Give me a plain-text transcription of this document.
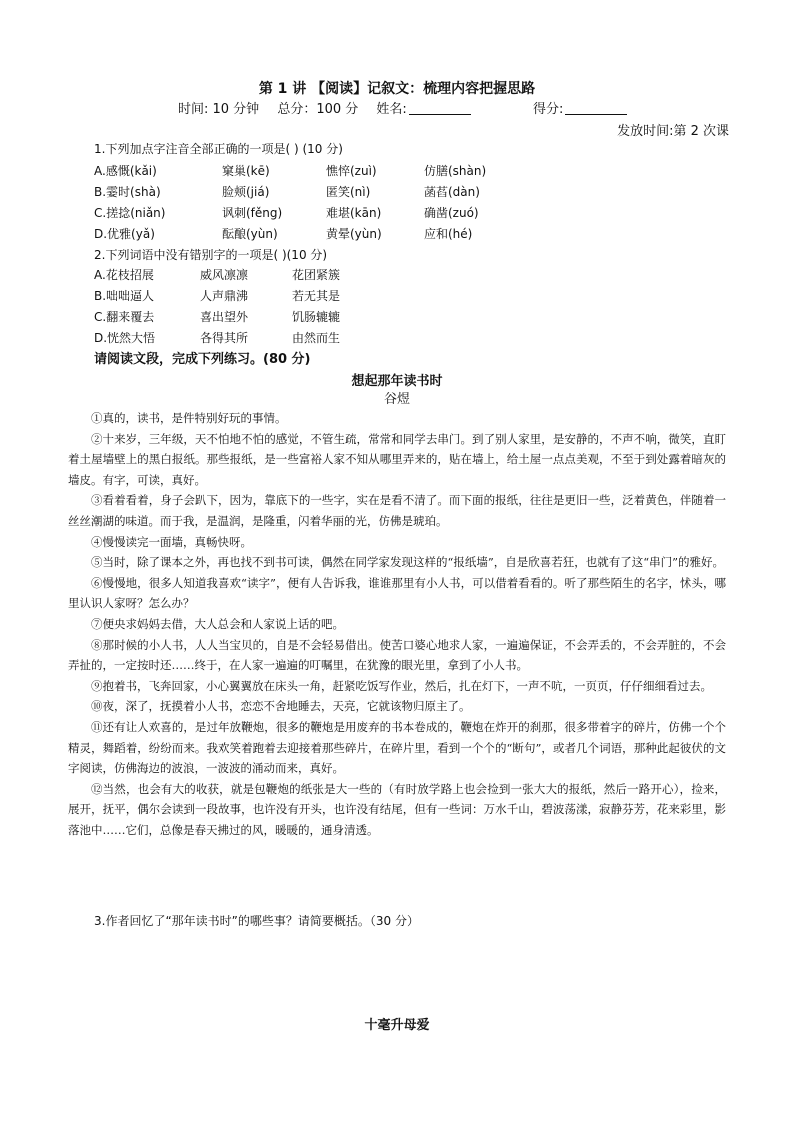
第 1 讲 【阅读】记叙文：梳理内容把握思路
时间: 10 分钟 总分：100 分 姓名:	得分:
发放时间:第 2 次课
1.下列加点字注音全部正确的一项是( ) (10 分)
A.感慨(kǎi)	窠巢(kē)	憔悴(zuì)	仿膳(shàn)
B.霎时(shà)	脸颊(jiá)	匿笑(nì)	菡萏(dàn)
C.搓捻(niǎn)	讽刺(fěng)	难堪(kān)	确凿(zuó)
D.优雅(yǎ)	酝酿(yùn)	黄晕(yùn)	应和(hé)
2.下列词语中没有错别字的一项是( )(10 分)
A.花枝招展	威风凛凛	花团紧簇
B.咄咄逼人	人声鼎沸	若无其是
C.翻来覆去	喜出望外	饥肠辘辘
D.恍然大悟	各得其所	由然而生
请阅读文段，完成下列练习。(80 分)
想起那年读书时
谷煜

①真的，读书，是件特别好玩的事情。

②十来岁，三年级，天不怕地不怕的感觉，不管生疏，常常和同学去串门。到了别人家里，是安静的，不声不响，微笑，直盯着土屋墙壁上的黑白报纸。那些报纸，是一些富裕人家不知从哪里弄来的，贴在墙上，给土屋一点点美观，不至于到处露着暗灰的墙皮。有字，可读，真好。

③看着看着，身子会趴下，因为，靠底下的一些字，实在是看不清了。而下面的报纸，往往是更旧一些，泛着黄色，伴随着一丝丝潮湖的味道。而于我，是温润，是隆重，闪着华丽的光，仿佛是琥珀。

④慢慢读完一面墙，真畅快呀。

⑤当时，除了课本之外，再也找不到书可读，偶然在同学家发现这样的“报纸墙”，自是欣喜若狂，也就有了这“串门”的雅好。

⑥慢慢地，很多人知道我喜欢“读字”，便有人告诉我，谁谁那里有小人书，可以借着看看的。听了那些陌生的名字，怵头，哪里认识人家呀？怎么办？

⑦便央求妈妈去借，大人总会和人家说上话的吧。

⑧那时候的小人书，人人当宝贝的，自是不会轻易借出。使苦口婆心地求人家，一遍遍保证，不会弄丢的，不会弄脏的，不会弄扯的，一定按时还……终于，在人家一遍遍的叮嘱里，在犹豫的眼光里，拿到了小人书。

⑨抱着书，飞奔回家，小心翼翼放在床头一角，赶紧吃饭写作业，然后，扎在灯下，一声不吭，一页页，仔仔细细看过去。

⑩夜，深了，抚摸着小人书，恋恋不舍地睡去，天亮，它就该物归原主了。

⑪还有让人欢喜的，是过年放鞭炮，很多的鞭炮是用废弃的书本卷成的，鞭炮在炸开的刹那，很多带着字的碎片，仿佛一个个精灵，舞蹈着，纷纷而来。我欢笑着跑着去迎接着那些碎片，在碎片里，看到一个个的“断句”，或者几个词语，那种此起彼伏的文字阅读，仿佛海边的波浪，一波波的涌动而来，真好。

⑫当然，也会有大的收获，就是包鞭炮的纸张是大一些的（有时放学路上也会捡到一张大大的报纸，然后一路开心），捡来，展开，抚平，偶尔会读到一段故事，也许没有开头，也许没有结尾，但有一些词：万水千山，碧波荡漾，寂静芬芳，花来彩里，影落池中……它们，总像是春天拂过的风，暖暖的，通身清透。

3.作者回忆了“那年读书时”的哪些事？请简要概括。（30 分）
十毫升母爱
